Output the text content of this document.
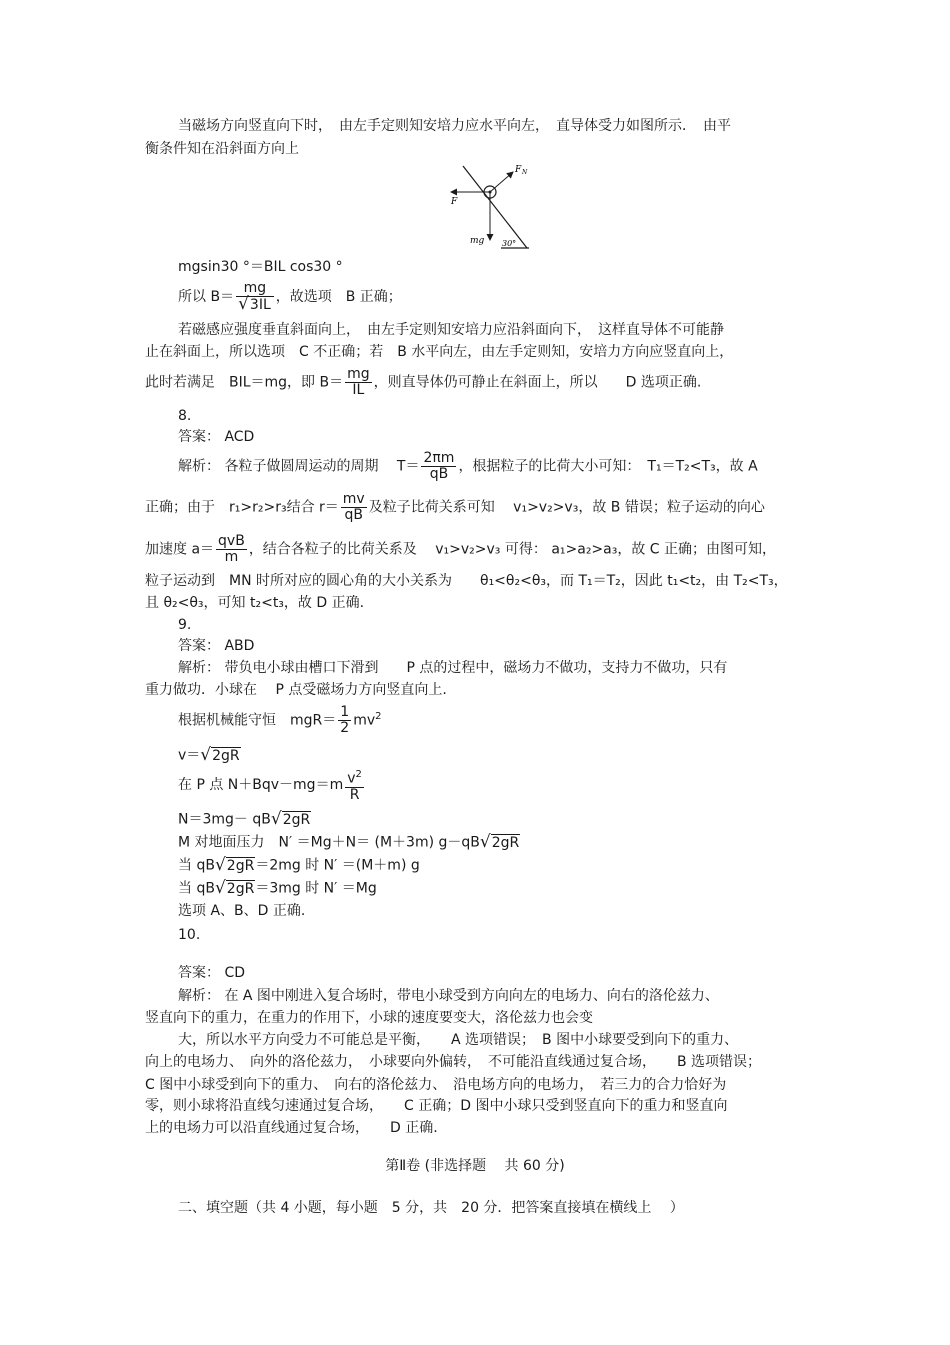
当磁场方向竖直向下时，　由左手定则知安培力应水平向左，　直导体受力如图所示．　由平
衡条件知在沿斜面方向上
F N
F
mg 30°
mgsin30 °＝BIL cos30 °
所以 $B= \frac{mg}{√3IL}$ ，故选项　B 正确；
若磁感应强度垂直斜面向上，　由左手定则知安培力应沿斜面向下，　这样直导体不可能静
止在斜面上，所以选项　C 不正确；若　B 水平向左，由左手定则知，安培力方向应竖直向上，
此时若满足　BIL＝mg，即 $B= \frac{mg}{IL}$ ，则直导体仍可静止在斜面上，所以　　D 选项正确.
8.
答案： ACD
解析： 各粒子做圆周运动的周期　 $T= \frac{2\pi m}{qB}$ ，根据粒子的比荷大小可知：　T₁＝T₂<T₃，故 A
正确；由于　r₁>r₂>r₃结合 $r= \frac{mv}{qB}$ 及粒子比荷关系可知　 v₁>v₂>v₃，故 B 错误；粒子运动的向心
加速度 $a= \frac{\text{qvB}}{m}$ ，结合各粒子的比荷关系及　 v₁>v₂>v₃ 可得： a₁>a₂>a₃，故 C 正确；由图可知，
粒子运动到　MN 时所对应的圆心角的大小关系为　　θ₁<θ₂<θ₃，而 T₁＝T₂，因此 t₁<t₂，由 T₂<T₃，
且 θ₂<θ₃，可知 t₂<t₃，故 D 正确.
9.
答案： ABD
解析： 带负电小球由槽口下滑到　　P 点的过程中，磁场力不做功，支持力不做功，只有
重力做功．小球在　 P 点受磁场力方向竖直向上.
根据机械能守恒　$mgR= \frac{1}{2} mv^2$
v＝√2gR
在 P 点 $N+Bqv-mg=m \frac{v^2}{R}$
N＝3mg－ qB√2gR
M 对地面压力　N′ ＝Mg＋N＝ (M＋3m) g－qB√2gR
当 qB√2gR＝2mg 时 N′ ＝(M＋m) g
当 qB√2gR＝3mg 时 N′ ＝Mg
选项 A、B、D 正确.
10.
答案： CD
解析： 在 A 图中刚进入复合场时，带电小球受到方向向左的电场力、向右的洛伦兹力、
竖直向下的重力，在重力的作用下，小球的速度要变大，洛伦兹力也会变
大，所以水平方向受力不可能总是平衡，　　A 选项错误；　B 图中小球要受到向下的重力、
向上的电场力、　向外的洛伦兹力，　小球要向外偏转，　不可能沿直线通过复合场，　　B 选项错误；
C 图中小球受到向下的重力、　向右的洛伦兹力、　沿电场方向的电场力，　若三力的合力恰好为
零，则小球将沿直线匀速通过复合场，　　C 正确；D 图中小球只受到竖直向下的重力和竖直向
上的电场力可以沿直线通过复合场，　　D 正确.
第Ⅱ卷 (非选择题　 共 60 分)
二、填空题（共 4 小题，每小题　5 分，共　20 分．把答案直接填在横线上　 ）
